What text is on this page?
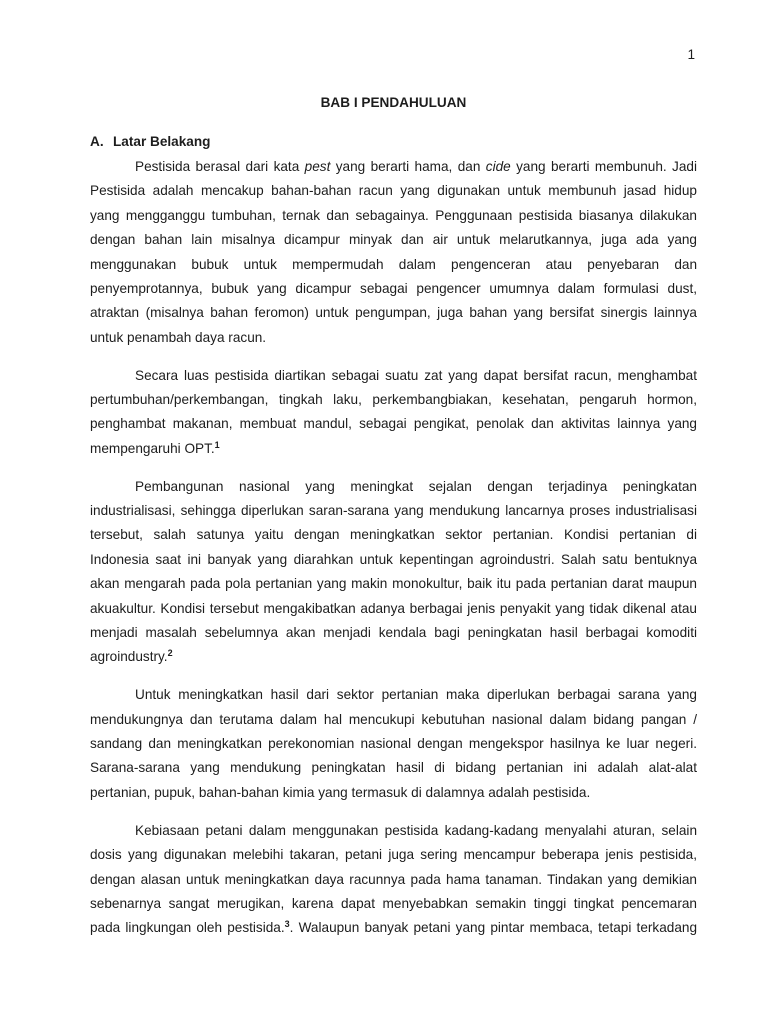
1
BAB I PENDAHULUAN
A. Latar Belakang
Pestisida berasal dari kata pest yang berarti hama, dan cide yang berarti membunuh. Jadi
Pestisida adalah mencakup bahan-bahan racun yang digunakan untuk membunuh jasad hidup
yang mengganggu tumbuhan, ternak dan sebagainya. Penggunaan pestisida biasanya dilakukan
dengan bahan lain misalnya dicampur minyak dan air untuk melarutkannya, juga ada yang
menggunakan bubuk untuk mempermudah dalam pengenceran atau penyebaran dan
penyemprotannya, bubuk yang dicampur sebagai pengencer umumnya dalam formulasi dust,
atraktan (misalnya bahan feromon) untuk pengumpan, juga bahan yang bersifat sinergis lainnya
untuk penambah daya racun.
Secara luas pestisida diartikan sebagai suatu zat yang dapat bersifat racun, menghambat
pertumbuhan/perkembangan, tingkah laku, perkembangbiakan, kesehatan, pengaruh hormon,
penghambat makanan, membuat mandul, sebagai pengikat, penolak dan aktivitas lainnya yang
mempengaruhi OPT.$^1$
Pembangunan nasional yang meningkat sejalan dengan terjadinya peningkatan
industrialisasi, sehingga diperlukan saran-sarana yang mendukung lancarnya proses industrialisasi
tersebut, salah satunya yaitu dengan meningkatkan sektor pertanian. Kondisi pertanian di
Indonesia saat ini banyak yang diarahkan untuk kepentingan agroindustri. Salah satu bentuknya
akan mengarah pada pola pertanian yang makin monokultur, baik itu pada pertanian darat maupun
akuakultur. Kondisi tersebut mengakibatkan adanya berbagai jenis penyakit yang tidak dikenal atau
menjadi masalah sebelumnya akan menjadi kendala bagi peningkatan hasil berbagai komoditi
agroindustry.$^2$
Untuk meningkatkan hasil dari sektor pertanian maka diperlukan berbagai sarana yang
mendukungnya dan terutama dalam hal mencukupi kebutuhan nasional dalam bidang pangan /
sandang dan meningkatkan perekonomian nasional dengan mengekspor hasilnya ke luar negeri.
Sarana-sarana yang mendukung peningkatan hasil di bidang pertanian ini adalah alat-alat
pertanian, pupuk, bahan-bahan kimia yang termasuk di dalamnya adalah pestisida.
Kebiasaan petani dalam menggunakan pestisida kadang-kadang menyalahi aturan, selain
dosis yang digunakan melebihi takaran, petani juga sering mencampur beberapa jenis pestisida,
dengan alasan untuk meningkatkan daya racunnya pada hama tanaman. Tindakan yang demikian
sebenarnya sangat merugikan, karena dapat menyebabkan semakin tinggi tingkat pencemaran
pada lingkungan oleh pestisida.$^3$. Walaupun banyak petani yang pintar membaca, tetapi terkadang
